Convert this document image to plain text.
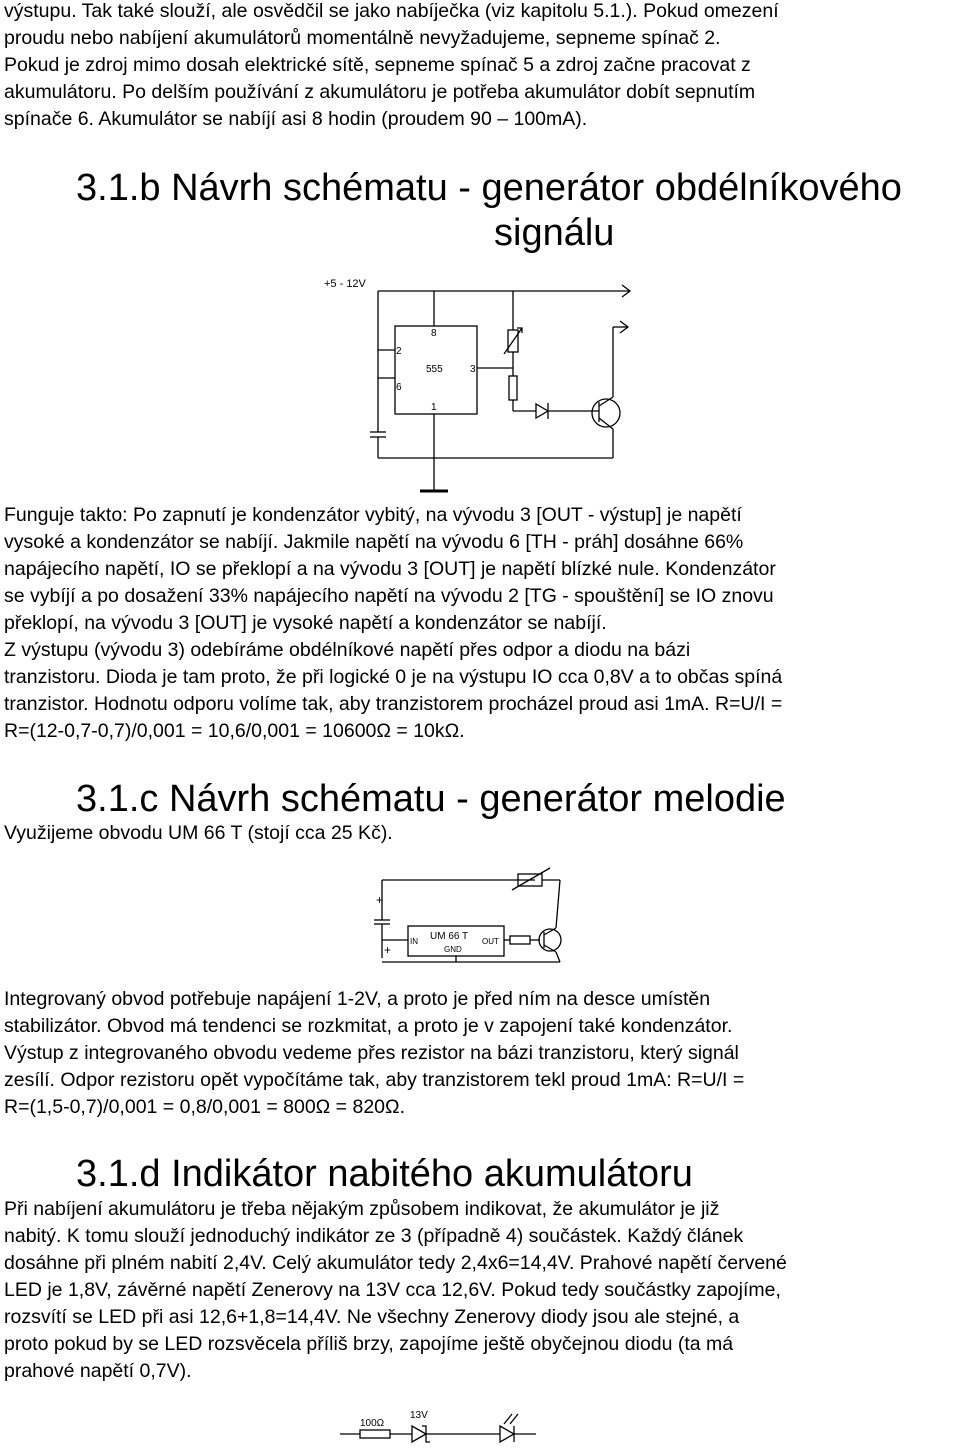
výstupu. Tak také slouží, ale osvědčil se jako nabíječka (viz kapitolu 5.1.). Pokud omezení
proudu nebo nabíjení akumulátorů momentálně nevyžadujeme, sepneme spínač 2.
Pokud je zdroj mimo dosah elektrické sítě, sepneme spínač 5 a zdroj začne pracovat z
akumulátoru. Po delším používání z akumulátoru je potřeba akumulátor dobít sepnutím
spínače 6. Akumulátor se nabíjí asi 8 hodin (proudem 90 – 100mA).
3.1.b Návrh schématu - generátor obdélníkového
signálu
+5 - 12V
8
2
6
555	3
1
Funguje takto: Po zapnutí je kondenzátor vybitý, na vývodu 3 [OUT - výstup] je napětí
vysoké a kondenzátor se nabíjí. Jakmile napětí na vývodu 6 [TH - práh] dosáhne 66%
napájecího napětí, IO se překlopí a na vývodu 3 [OUT] je napětí blízké nule. Kondenzátor
se vybíjí a po dosažení 33% napájecího napětí na vývodu 2 [TG - spouštění] se IO znovu
překlopí, na vývodu 3 [OUT] je vysoké napětí a kondenzátor se nabíjí.
Z výstupu (vývodu 3) odebíráme obdélníkové napětí přes odpor a diodu na bázi
tranzistoru. Dioda je tam proto, že při logické 0 je na výstupu IO cca 0,8V a to občas spíná
tranzistor. Hodnotu odporu volíme tak, aby tranzistorem procházel proud asi 1mA. R=U/I =
R=(12-0,7-0,7)/0,001 = 10,6/0,001 = 10600Ω = 10kΩ.
3.1.c Návrh schématu - generátor melodie
Využijeme obvodu UM 66 T (stojí cca 25 Kč).
+
+
UM 66 T
IN
GND
OUT
Integrovaný obvod potřebuje napájení 1-2V, a proto je před ním na desce umístěn
stabilizátor. Obvod má tendenci se rozkmitat, a proto je v zapojení také kondenzátor.
Výstup z integrovaného obvodu vedeme přes rezistor na bázi tranzistoru, který signál
zesílí. Odpor rezistoru opět vypočítáme tak, aby tranzistorem tekl proud 1mA: R=U/I =
R=(1,5-0,7)/0,001 = 0,8/0,001 = 800Ω = 820Ω.
3.1.d Indikátor nabitého akumulátoru
Při nabíjení akumulátoru je třeba nějakým způsobem indikovat, že akumulátor je již
nabitý. K tomu slouží jednoduchý indikátor ze 3 (případně 4) součástek. Každý článek
dosáhne při plném nabití 2,4V. Celý akumulátor tedy 2,4x6=14,4V. Prahové napětí červené
LED je 1,8V, závěrné napětí Zenerovy na 13V cca 12,6V. Pokud tedy součástky zapojíme,
rozsvítí se LED při asi 12,6+1,8=14,4V. Ne všechny Zenerovy diody jsou ale stejné, a
proto pokud by se LED rozsvěcela příliš brzy, zapojíme ještě obyčejnou diodu (ta má
prahové napětí 0,7V).
100Ω
13V
